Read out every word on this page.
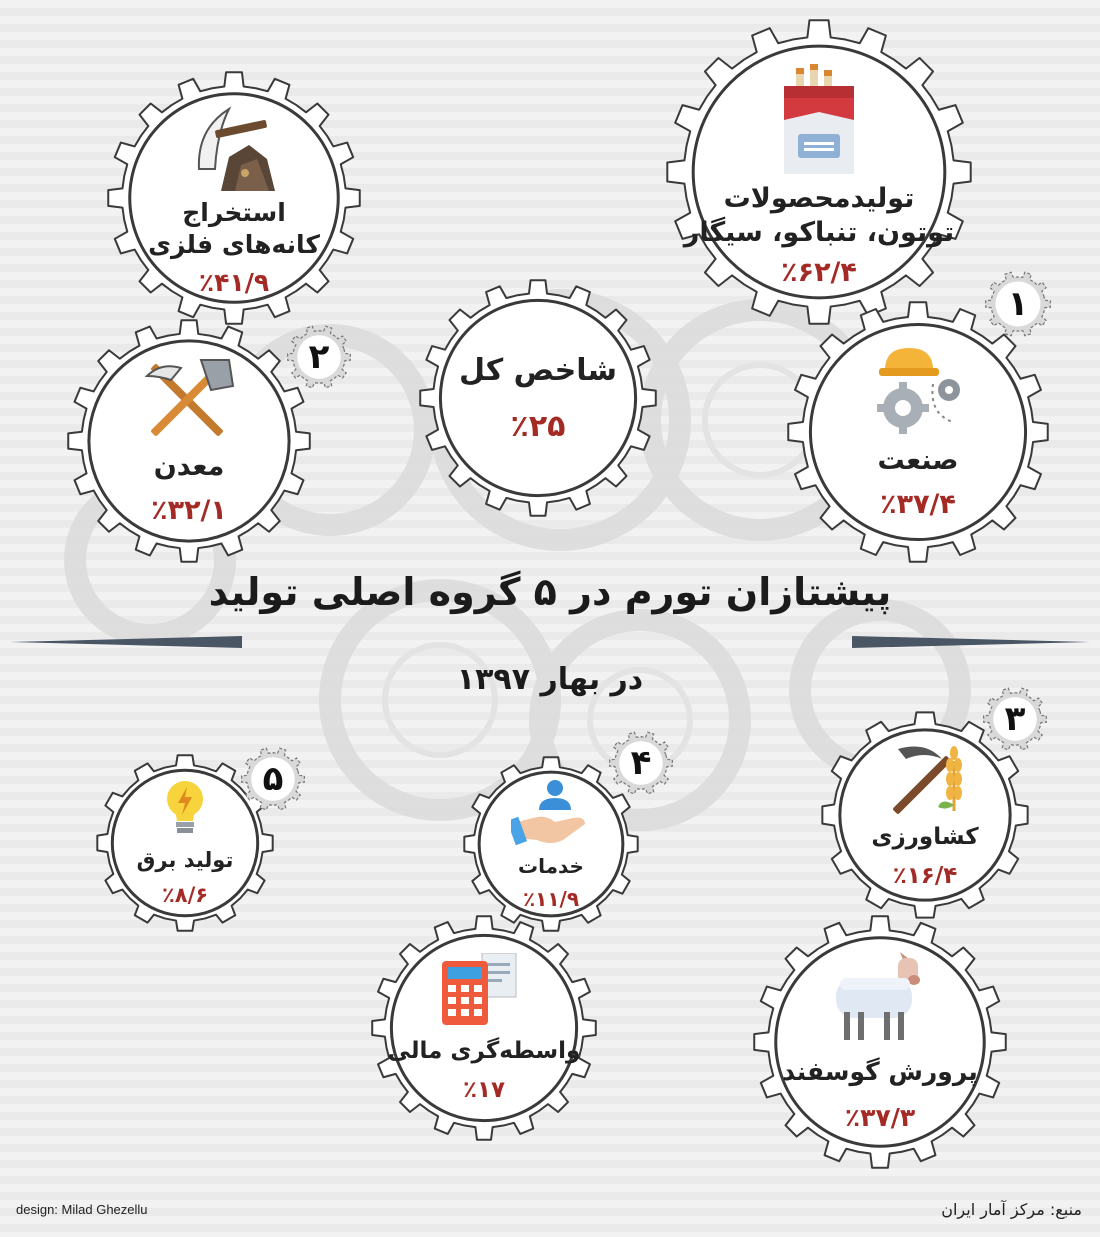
تولیدمحصولات
توتون، تنباکو، سیگار
٪۶۲/۴
استخراج
کانه‌های فلزی
٪۴۱/۹
معدن
٪۳۲/۱
شاخص کل
٪۲۵
صنعت
٪۳۷/۴
کشاورزی
٪۱۶/۴
پرورش گوسفند
٪۳۷/۳
خدمات
٪۱۱/۹
واسطه‌گری مالی
٪۱۷
تولید برق
٪۸/۶
۱
۲
۳
۴
۵
پیشتازان تورم در ۵ گروه اصلی تولید
در بهار ۱۳۹۷
design: Milad Ghezellu	منبع: مرکز آمار ایران
